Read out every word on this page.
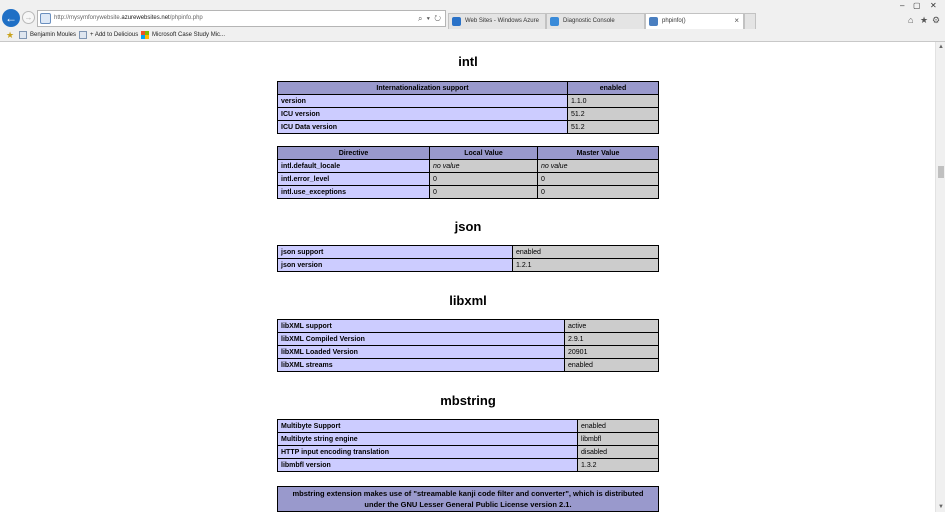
← →	http://mysymfonywebsite.azurewebsites.net/phpinfo.php	⌕ ▾ ↻	Web Sites - Windows Azure	Diagnostic Console	phpinfo()	×
– ▢ ✕
⌂ ★ ⚙
★	Benjamin Moules	+ Add to Delicious	Microsoft Case Study Mic...
intl
Internationalization support	enabled
version	1.1.0
ICU version	51.2
ICU Data version	51.2
Directive	Local Value	Master Value
intl.default_locale	no value	no value
intl.error_level	0	0
intl.use_exceptions	0	0
json
json support	enabled
json version	1.2.1
libxml
libXML support	active
libXML Compiled Version	2.9.1
libXML Loaded Version	20901
libXML streams	enabled
mbstring
Multibyte Support	enabled
Multibyte string engine	libmbfl
HTTP input encoding translation	disabled
libmbfl version	1.3.2
mbstring extension makes use of "streamable kanji code filter and converter", which is distributed under the GNU Lesser General Public License version 2.1.
▲
▼
